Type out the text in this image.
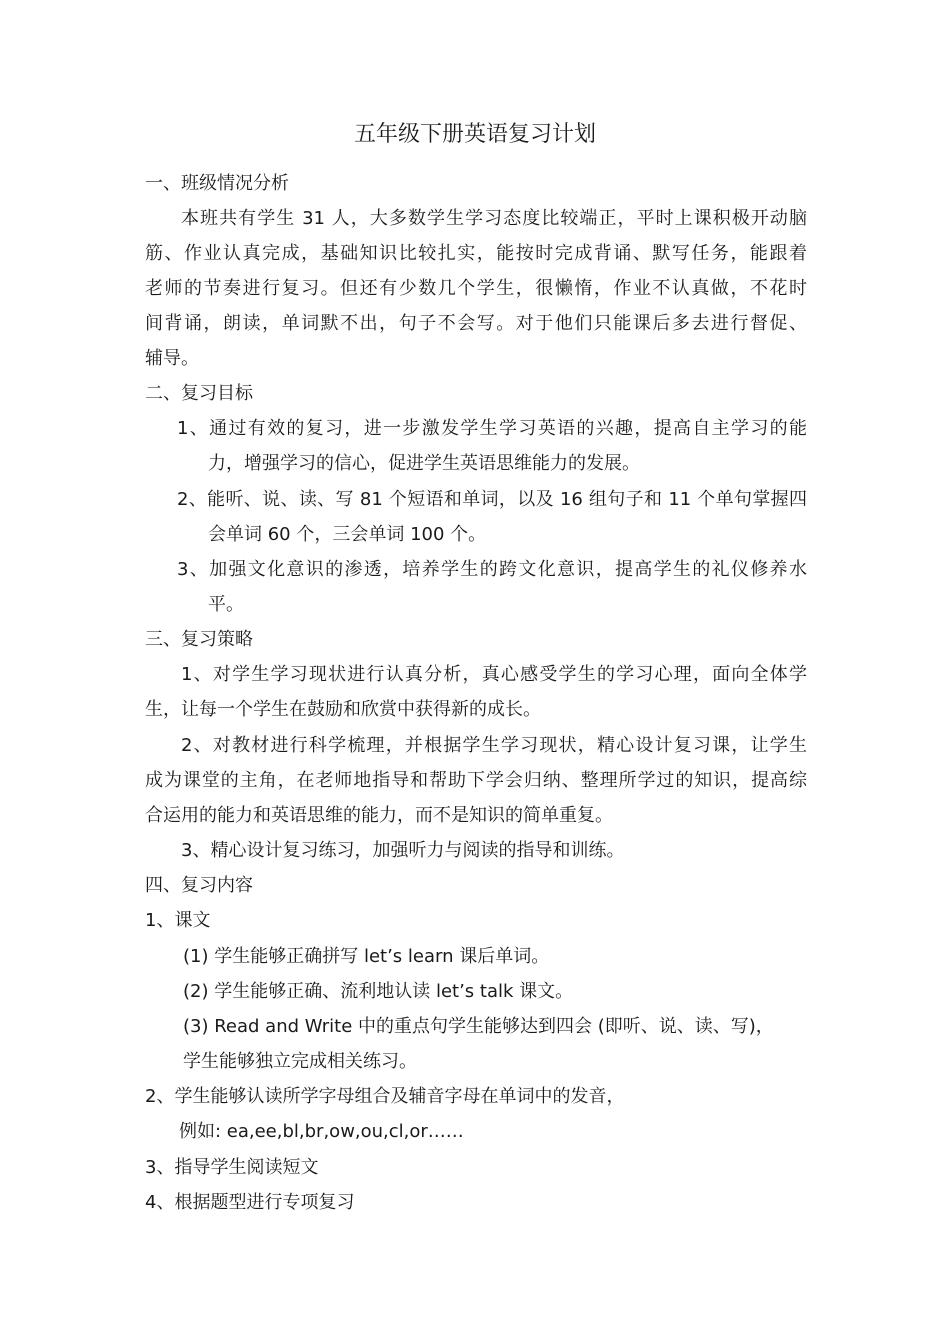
五年级下册英语复习计划
一、班级情况分析
本班共有学生 31 人，大多数学生学习态度比较端正，平时上课积极开动脑
筋、作业认真完成，基础知识比较扎实，能按时完成背诵、默写任务，能跟着
老师的节奏进行复习。但还有少数几个学生，很懒惰，作业不认真做，不花时
间背诵，朗读，单词默不出，句子不会写。对于他们只能课后多去进行督促、
辅导。
二、复习目标
1、通过有效的复习，进一步激发学生学习英语的兴趣，提高自主学习的能
力，增强学习的信心，促进学生英语思维能力的发展。
2、能听、说、读、写 81 个短语和单词，以及 16 组句子和 11 个单句掌握四
会单词 60 个，三会单词 100 个。
3、加强文化意识的渗透，培养学生的跨文化意识，提高学生的礼仪修养水
平。
三、复习策略
1、对学生学习现状进行认真分析，真心感受学生的学习心理，面向全体学
生，让每一个学生在鼓励和欣赏中获得新的成长。
2、对教材进行科学梳理，并根据学生学习现状，精心设计复习课，让学生
成为课堂的主角，在老师地指导和帮助下学会归纳、整理所学过的知识，提高综
合运用的能力和英语思维的能力，而不是知识的简单重复。
3、精心设计复习练习，加强听力与阅读的指导和训练。
四、复习内容
1、课文
(1) 学生能够正确拼写 let’s learn 课后单词。
(2) 学生能够正确、流利地认读 let’s talk 课文。
(3) Read and Write 中的重点句学生能够达到四会 (即听、说、读、写)，
学生能够独立完成相关练习。
2、学生能够认读所学字母组合及辅音字母在单词中的发音，
例如: ea,ee,bl,br,ow,ou,cl,or……
3、指导学生阅读短文
4、根据题型进行专项复习
